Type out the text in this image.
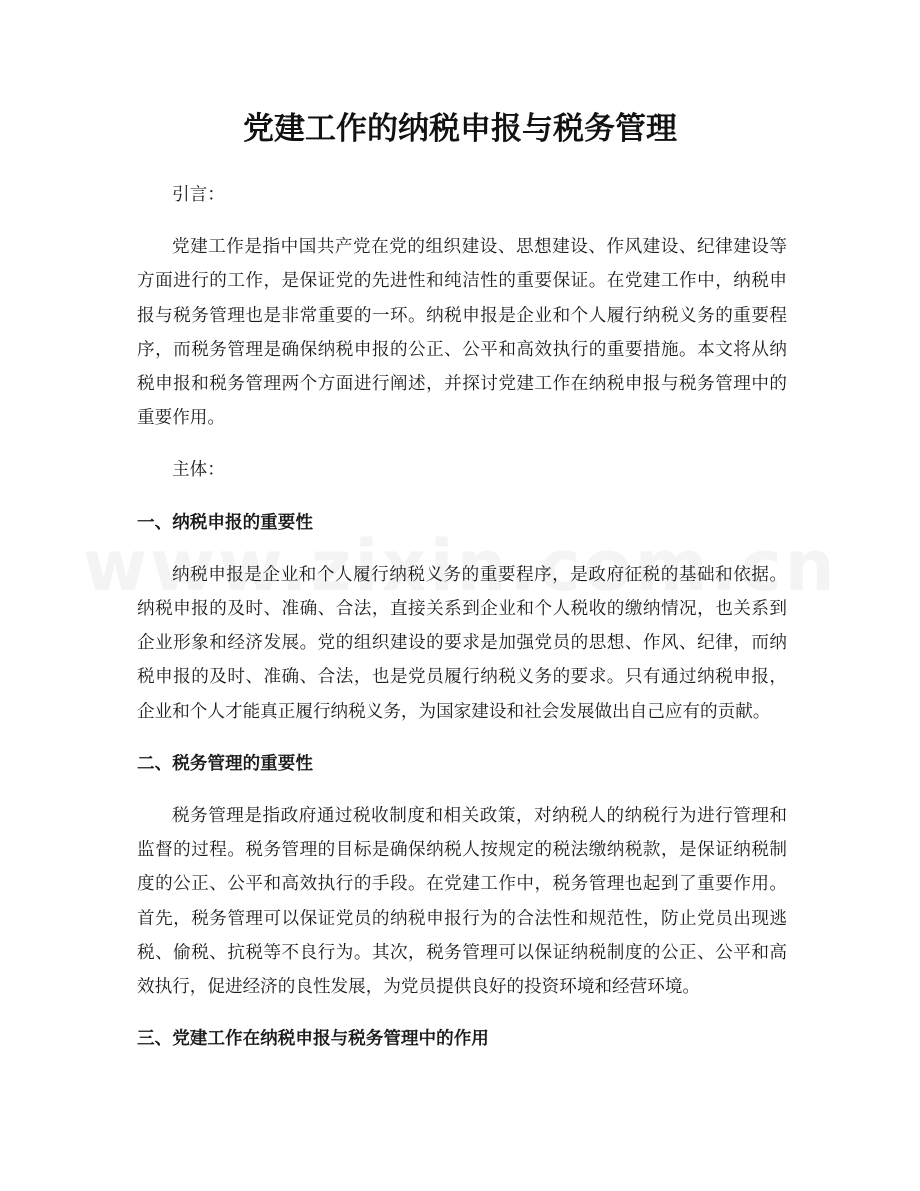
党建工作的纳税申报与税务管理

引言：

党建工作是指中国共产党在党的组织建设、思想建设、作风建设、纪律建设等方面进行的工作，是保证党的先进性和纯洁性的重要保证。在党建工作中，纳税申报与税务管理也是非常重要的一环。纳税申报是企业和个人履行纳税义务的重要程序，而税务管理是确保纳税申报的公正、公平和高效执行的重要措施。本文将从纳税申报和税务管理两个方面进行阐述，并探讨党建工作在纳税申报与税务管理中的重要作用。

主体：

一、纳税申报的重要性

纳税申报是企业和个人履行纳税义务的重要程序，是政府征税的基础和依据。纳税申报的及时、准确、合法，直接关系到企业和个人税收的缴纳情况，也关系到企业形象和经济发展。党的组织建设的要求是加强党员的思想、作风、纪律，而纳税申报的及时、准确、合法，也是党员履行纳税义务的要求。只有通过纳税申报，企业和个人才能真正履行纳税义务，为国家建设和社会发展做出自己应有的贡献。

二、税务管理的重要性

税务管理是指政府通过税收制度和相关政策，对纳税人的纳税行为进行管理和监督的过程。税务管理的目标是确保纳税人按规定的税法缴纳税款，是保证纳税制度的公正、公平和高效执行的手段。在党建工作中，税务管理也起到了重要作用。首先，税务管理可以保证党员的纳税申报行为的合法性和规范性，防止党员出现逃税、偷税、抗税等不良行为。其次，税务管理可以保证纳税制度的公正、公平和高效执行，促进经济的良性发展，为党员提供良好的投资环境和经营环境。

三、党建工作在纳税申报与税务管理中的作用
